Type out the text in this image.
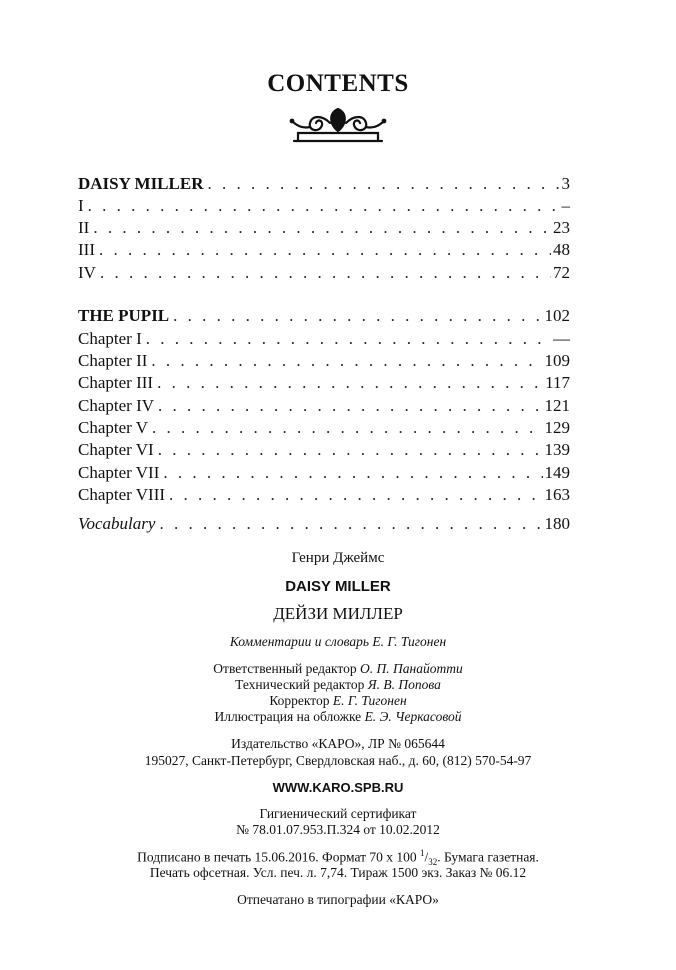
CONTENTS
DAISY MILLER . . .	3
I . . .	–
II . . .	23
III . . .	48
IV . . .	72
THE PUPIL . . .	102
Chapter I . . .	—
Chapter II . . .	109
Chapter III . . .	117
Chapter IV . . .	121
Chapter V . . .	129
Chapter VI . . .	139
Chapter VII . . .	149
Chapter VIII . . .	163
Vocabulary . . .	180
Генри Джеймс
DAISY MILLER
ДЕЙЗИ МИЛЛЕР
Комментарии и словарь Е. Г. Тигонен
Ответственный редактор О. П. Панайотти
Технический редактор Я. В. Попова
Корректор Е. Г. Тигонен
Иллюстрация на обложке Е. Э. Черкасовой
Издательство «КАРО», ЛР № 065644
195027, Санкт-Петербург, Свердловская наб., д. 60, (812) 570-54-97
WWW.KARO.SPB.RU
Гигиенический сертификат
№ 78.01.07.953.П.324 от 10.02.2012
Подписано в печать 15.06.2016. Формат 70 x 100 $^1/_{32}$. Бумага газетная.
Печать офсетная. Усл. печ. л. 7,74. Тираж 1500 экз. Заказ № 06.12
Отпечатано в типографии «КАРО»
